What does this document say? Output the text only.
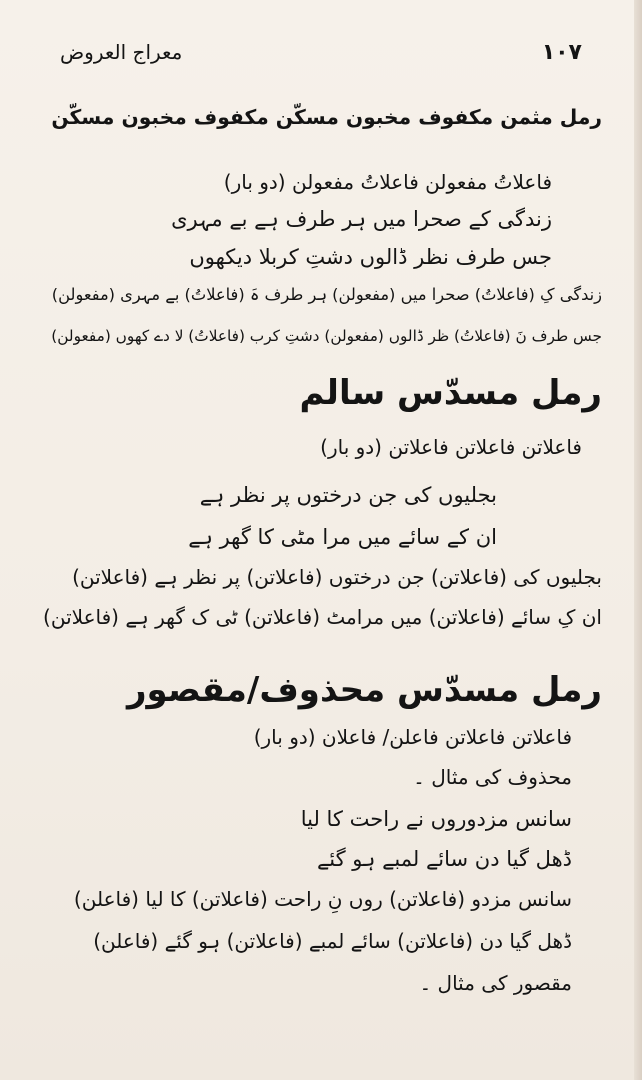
۱۰۷
معراج العروض
رمل مثمن مکفوف مخبون مسکّن مکفوف مخبون مسکّن
فاعلاتُ مفعولن فاعلاتُ مفعولن (دو بار)
زندگی کے صحرا میں ہر طرف ہے بے مہری
جس طرف نظر ڈالوں دشتِ کربلا دیکھوں
زندگی کِ (فاعلاتُ) صحرا میں (مفعولن) ہر طرف ہَ (فاعلاتُ) بے مہری (مفعولن)
جس طرف نَ (فاعلاتُ) ظر ڈالوں (مفعولن) دشتِ کرب (فاعلاتُ) لا دے کھوں (مفعولن)
رمل مسدّس سالم
فاعلاتن فاعلاتن فاعلاتن (دو بار)
بجلیوں کی جن درختوں پر نظر ہے
ان کے سائے میں مرا مٹی کا گھر ہے
بجلیوں کی (فاعلاتن) جن درختوں (فاعلاتن) پر نظر ہے (فاعلاتن)
ان کِ سائے (فاعلاتن) میں مرامٹ (فاعلاتن) ٹی ک گھر ہے (فاعلاتن)
رمل مسدّس محذوف/مقصور
فاعلاتن فاعلاتن فاعلن/ فاعلان (دو بار)
محذوف کی مثال ۔
سانس مزدوروں نے راحت کا لیا
ڈھل گیا دن سائے لمبے ہو گئے
سانس مزدو (فاعلاتن) روں نِ راحت (فاعلاتن) کا لیا (فاعلن)
ڈھل گیا دن (فاعلاتن) سائے لمبے (فاعلاتن) ہو گئے (فاعلن)
مقصور کی مثال ۔
